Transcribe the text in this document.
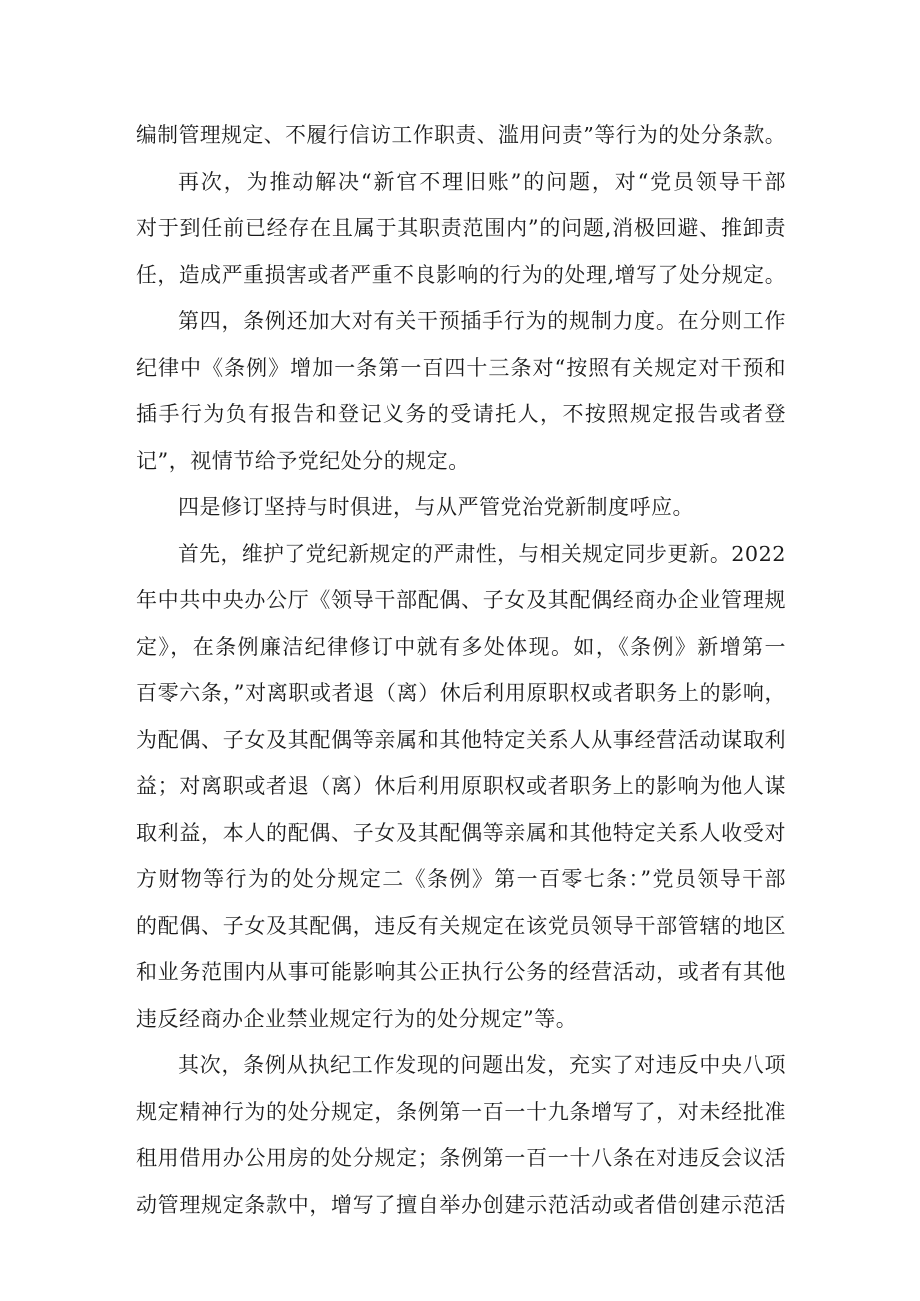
编制管理规定、不履行信访工作职责、滥用问责”等行为的处分条款。
再次，为推动解决“新官不理旧账”的问题，对“党员领导干部
对于到任前已经存在且属于其职责范围内”的问题,消极回避、推卸责
任，造成严重损害或者严重不良影响的行为的处理,增写了处分规定。
第四，条例还加大对有关干预插手行为的规制力度。在分则工作
纪律中《条例》增加一条第一百四十三条对“按照有关规定对干预和
插手行为负有报告和登记义务的受请托人，不按照规定报告或者登
记”，视情节给予党纪处分的规定。
四是修订坚持与时俱进，与从严管党治党新制度呼应。
首先，维护了党纪新规定的严肃性，与相关规定同步更新。2022
年中共中央办公厅《领导干部配偶、子女及其配偶经商办企业管理规
定》，在条例廉洁纪律修订中就有多处体现。如，《条例》新增第一
百零六条，”对离职或者退（离）休后利用原职权或者职务上的影响，
为配偶、子女及其配偶等亲属和其他特定关系人从事经营活动谋取利
益；对离职或者退（离）休后利用原职权或者职务上的影响为他人谋
取利益，本人的配偶、子女及其配偶等亲属和其他特定关系人收受对
方财物等行为的处分规定二《条例》第一百零七条：”党员领导干部
的配偶、子女及其配偶，违反有关规定在该党员领导干部管辖的地区
和业务范围内从事可能影响其公正执行公务的经营活动，或者有其他
违反经商办企业禁业规定行为的处分规定”等。
其次，条例从执纪工作发现的问题出发，充实了对违反中央八项
规定精神行为的处分规定，条例第一百一十九条增写了，对未经批准
租用借用办公用房的处分规定；条例第一百一十八条在对违反会议活
动管理规定条款中，增写了擅自举办创建示范活动或者借创建示范活
